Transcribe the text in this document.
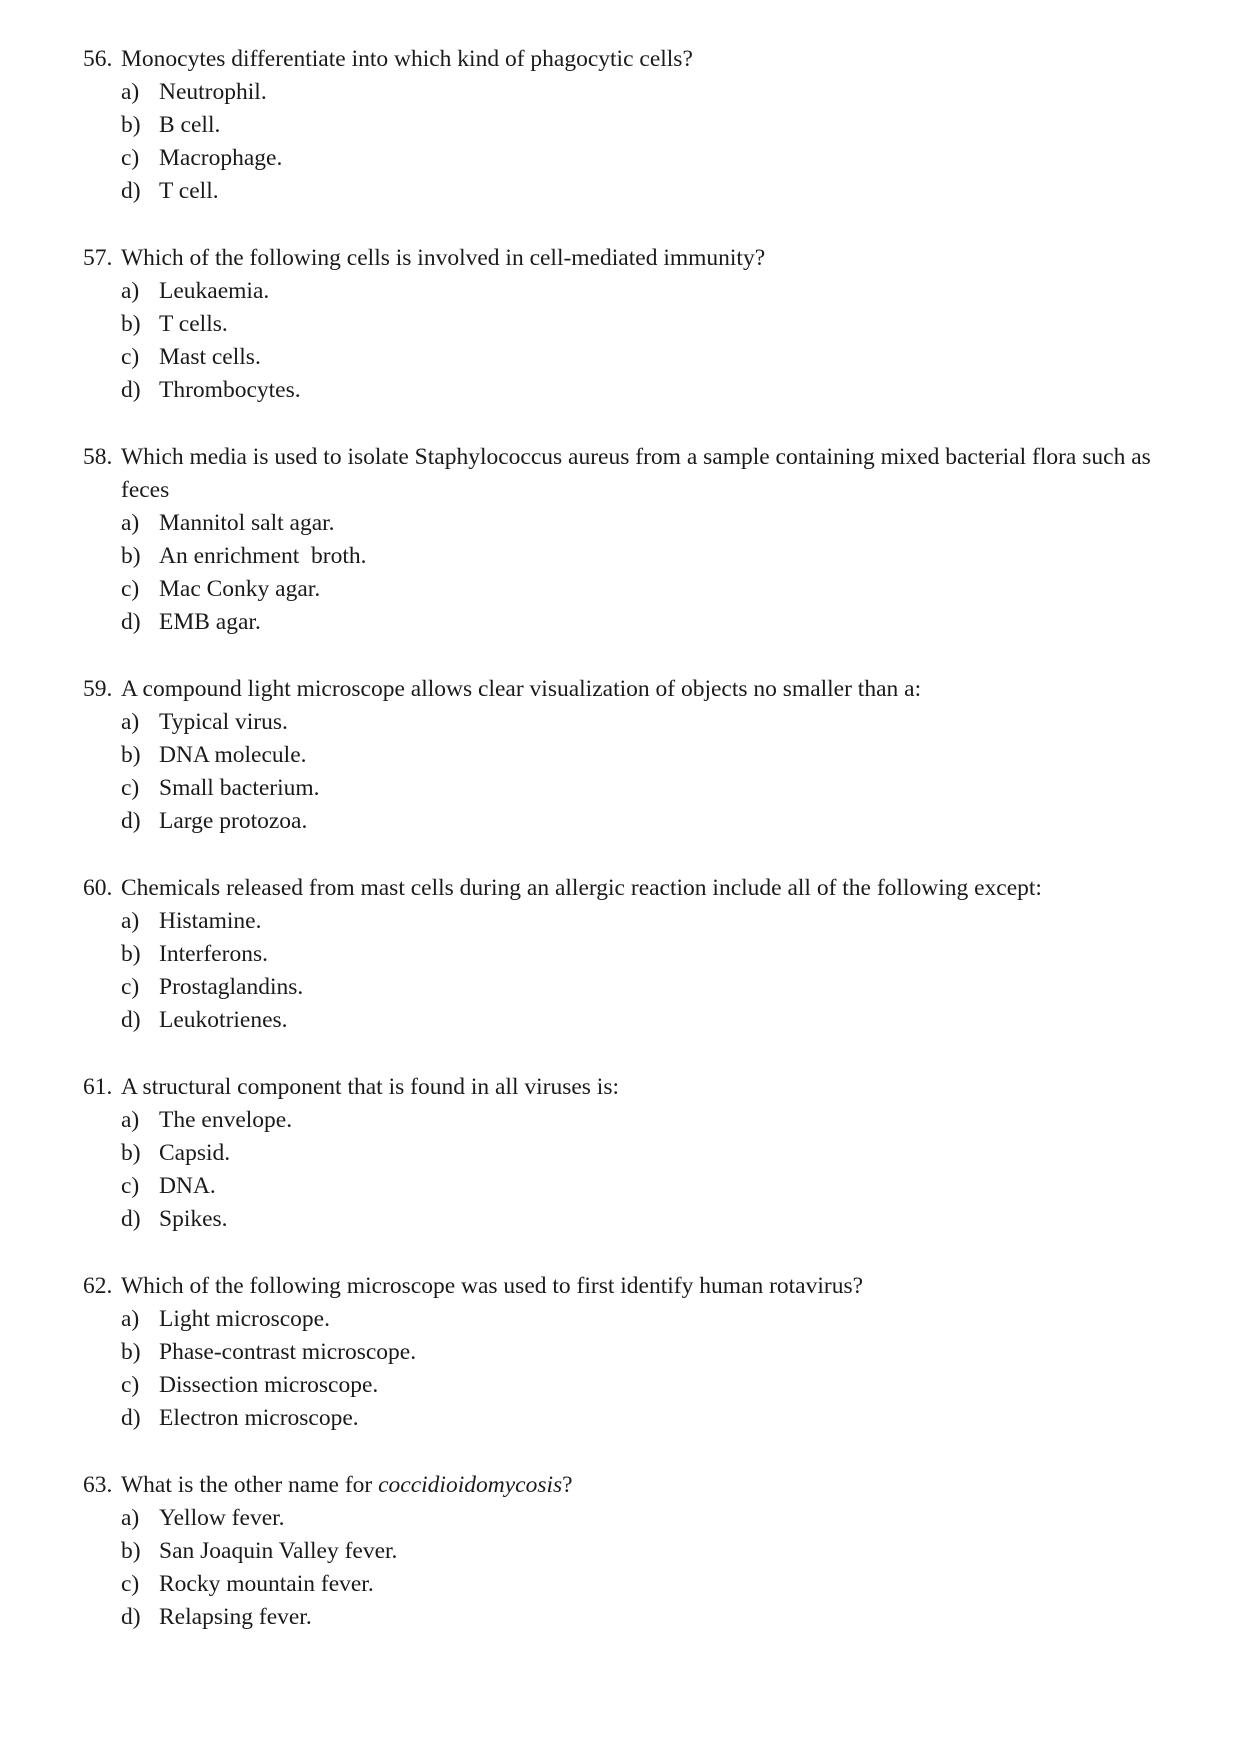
56. Monocytes differentiate into which kind of phagocytic cells?
a) Neutrophil.
b) B cell.
c) Macrophage.
d) T cell.
57. Which of the following cells is involved in cell-mediated immunity?
a) Leukaemia.
b) T cells.
c) Mast cells.
d) Thrombocytes.
58. Which media is used to isolate Staphylococcus aureus from a sample containing mixed bacterial flora such as feces
a) Mannitol salt agar.
b) An enrichment  broth.
c) Mac Conky agar.
d) EMB agar.
59. A compound light microscope allows clear visualization of objects no smaller than a:
a) Typical virus.
b) DNA molecule.
c) Small bacterium.
d) Large protozoa.
60. Chemicals released from mast cells during an allergic reaction include all of the following except:
a) Histamine.
b) Interferons.
c) Prostaglandins.
d) Leukotrienes.
61. A structural component that is found in all viruses is:
a) The envelope.
b) Capsid.
c) DNA.
d) Spikes.
62. Which of the following microscope was used to first identify human rotavirus?
a) Light microscope.
b) Phase-contrast microscope.
c) Dissection microscope.
d) Electron microscope.
63. What is the other name for coccidioidomycosis?
a) Yellow fever.
b) San Joaquin Valley fever.
c) Rocky mountain fever.
d) Relapsing fever.
